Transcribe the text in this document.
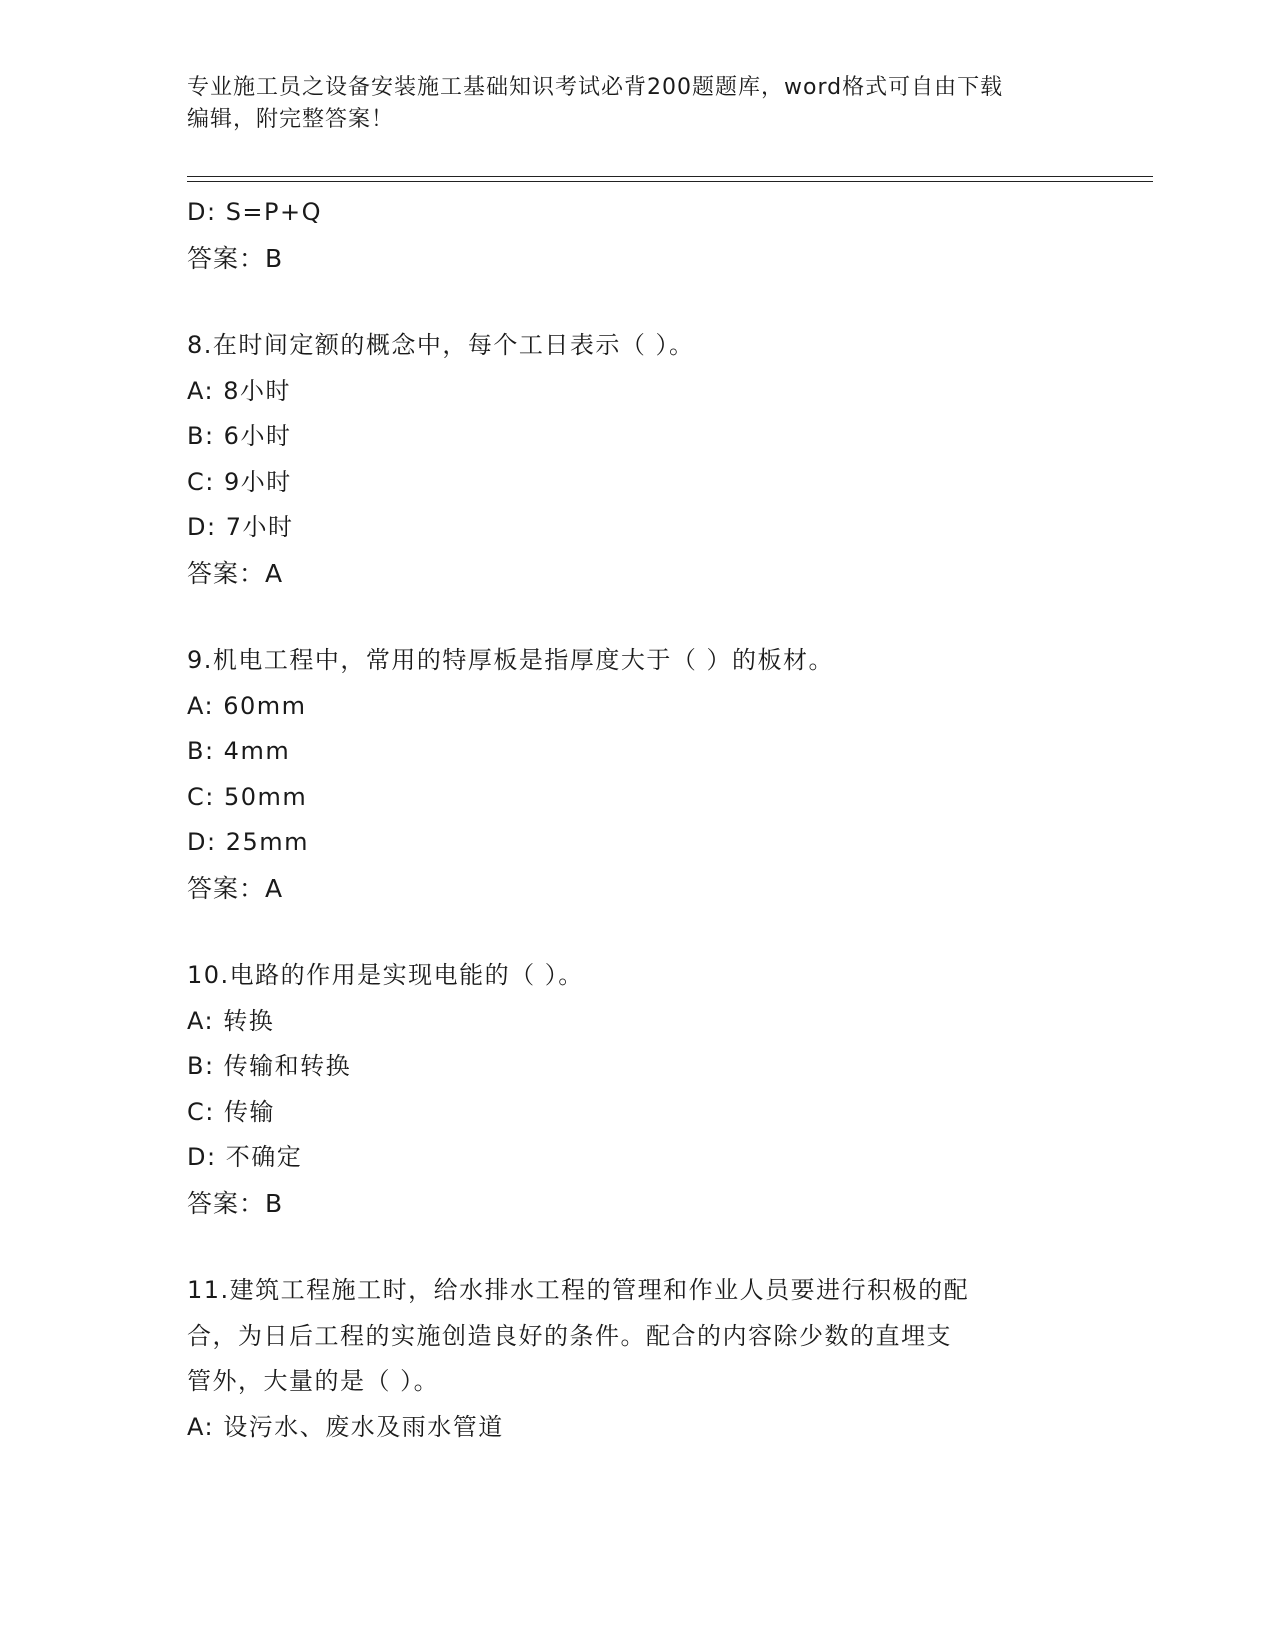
专业施工员之设备安装施工基础知识考试必背200题题库，word格式可自由下载
编辑，附完整答案！
D: S=P+Q
答案：B
8.在时间定额的概念中，每个工日表示（ ）。
A: 8小时
B: 6小时
C: 9小时
D: 7小时
答案：A
9.机电工程中，常用的特厚板是指厚度大于（ ）的板材。
A: 60mm
B: 4mm
C: 50mm
D: 25mm
答案：A
10.电路的作用是实现电能的（ ）。
A: 转换
B: 传输和转换
C: 传输
D: 不确定
答案：B
11.建筑工程施工时，给水排水工程的管理和作业人员要进行积极的配
合，为日后工程的实施创造良好的条件。配合的内容除少数的直埋支
管外，大量的是（ ）。
A: 设污水、废水及雨水管道
